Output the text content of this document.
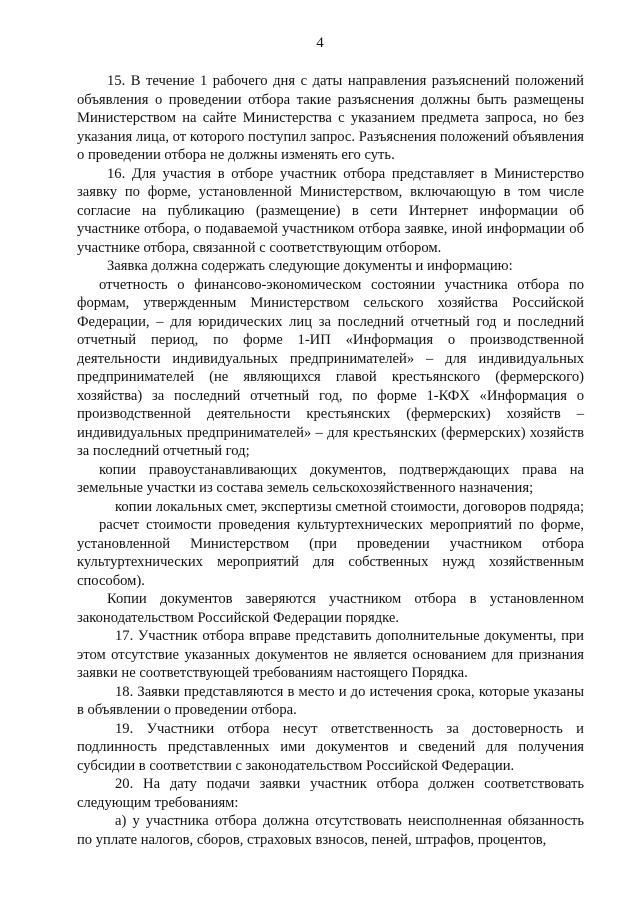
4

15. В течение 1 рабочего дня с даты направления разъяснений положений объявления о проведении отбора такие разъяснения должны быть размещены Министерством на сайте Министерства с указанием предмета запроса, но без указания лица, от которого поступил запрос. Разъяснения положений объявления о проведении отбора не должны изменять его суть.

16. Для участия в отборе участник отбора представляет в Министерство заявку по форме, установленной Министерством, включающую в том числе согласие на публикацию (размещение) в сети Интернет информации об участнике отбора, о подаваемой участником отбора заявке, иной информации об участнике отбора, связанной с соответствующим отбором.

Заявка должна содержать следующие документы и информацию:

отчетность о финансово-экономическом состоянии участника отбора по формам, утвержденным Министерством сельского хозяйства Российской Федерации, – для юридических лиц за последний отчетный год и последний отчетный период, по форме 1-ИП «Информация о производственной деятельности индивидуальных предпринимателей» – для индивидуальных предпринимателей (не являющихся главой крестьянского (фермерского) хозяйства) за последний отчетный год, по форме 1-КФХ «Информация о производственной деятельности крестьянских (фермерских) хозяйств – индивидуальных предпринимателей» – для крестьянских (фермерских) хозяйств за последний отчетный год;

копии правоустанавливающих документов, подтверждающих права на земельные участки из состава земель сельскохозяйственного назначения;

копии локальных смет, экспертизы сметной стоимости, договоров подряда;

расчет стоимости проведения культуртехнических мероприятий по форме, установленной Министерством (при проведении участником отбора культуртехнических мероприятий для собственных нужд хозяйственным способом).

Копии документов заверяются участником отбора в установленном законодательством Российской Федерации порядке.

17. Участник отбора вправе представить дополнительные документы, при этом отсутствие указанных документов не является основанием для признания заявки не соответствующей требованиям настоящего Порядка.

18. Заявки представляются в место и до истечения срока, которые указаны в объявлении о проведении отбора.

19. Участники отбора несут ответственность за достоверность и подлинность представленных ими документов и сведений для получения субсидии в соответствии с законодательством Российской Федерации.

20. На дату подачи заявки участник отбора должен соответствовать следующим требованиям:

а) у участника отбора должна отсутствовать неисполненная обязанность по уплате налогов, сборов, страховых взносов, пеней, штрафов, процентов,
